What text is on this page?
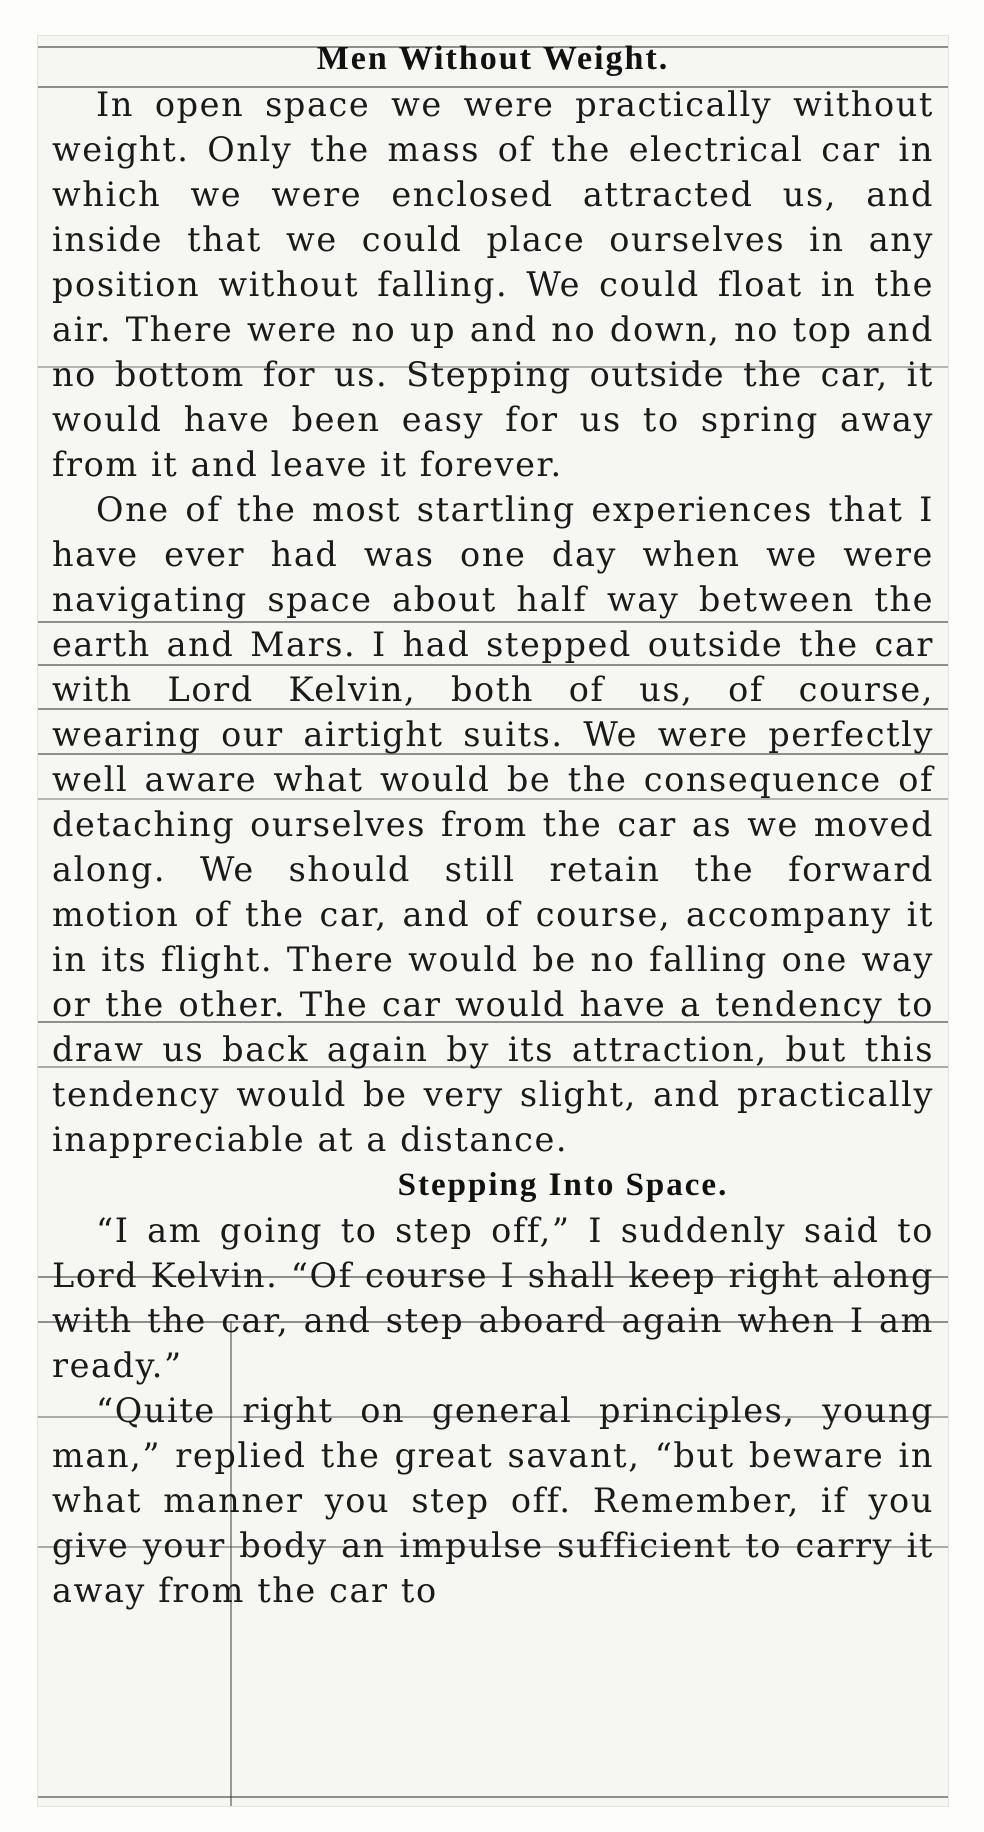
Men Without Weight.

In open space we were practically without weight. Only the mass of the electrical car in which we were enclosed attracted us, and inside that we could place ourselves in any position without falling. We could float in the air. There were no up and no down, no top and no bottom for us. Stepping outside the car, it would have been easy for us to spring away from it and leave it forever.

One of the most startling experiences that I have ever had was one day when we were navigating space about half way between the earth and Mars. I had stepped outside the car with Lord Kelvin, both of us, of course, wearing our airtight suits. We were perfectly well aware what would be the consequence of detaching ourselves from the car as we moved along. We should still retain the forward motion of the car, and of course, accompany it in its flight. There would be no falling one way or the other. The car would have a tendency to draw us back again by its attraction, but this tendency would be very slight, and practically inappreciable at a distance.

Stepping Into Space.

“I am going to step off,” I suddenly said to Lord Kelvin. “Of course I shall keep right along with the car, and step aboard again when I am ready.”

“Quite right on general principles, young man,” replied the great savant, “but beware in what manner you step off. Remember, if you give your body an impulse sufficient to carry it away from the car to
